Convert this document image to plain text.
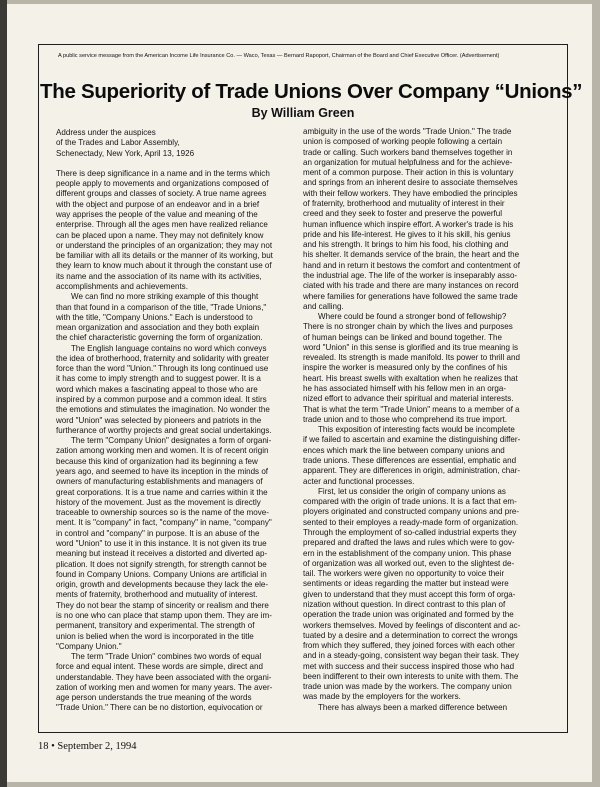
A public service message from the American Income Life Insurance Co. — Waco, Texas — Bernard Rapoport, Chairman of the Board and Chief Executive Officer. (Advertisement)
The Superiority of Trade Unions Over Company “Unions”
By William Green

Address under the auspices

of the Trades and Labor Assembly,

Schenectady, New York, April 13, 1926

There is deep significance in a name and in the terms which

people apply to movements and organizations composed of

different groups and classes of society. A true name agrees

with the object and purpose of an endeavor and in a brief

way apprises the people of the value and meaning of the

enterprise. Through all the ages men have realized reliance

can be placed upon a name. They may not definitely know

or understand the principles of an organization; they may not

be familiar with all its details or the manner of its working, but

they learn to know much about it through the constant use of

its name and the association of its name with its activities,

accomplishments and achievements.

We can find no more striking example of this thought

than that found in a comparison of the title, "Trade Unions,"

with the title, "Company Unions." Each is understood to

mean organization and association and they both explain

the chief characteristic governing the form of organization.

The English language contains no word which conveys

the idea of brotherhood, fraternity and solidarity with greater

force than the word "Union." Through its long continued use

it has come to imply strength and to suggest power. It is a

word which makes a fascinating appeal to those who are

inspired by a common purpose and a common ideal. It stirs

the emotions and stimulates the imagination. No wonder the

word "Union" was selected by pioneers and patriots in the

furtherance of worthy projects and great social undertakings.

The term "Company Union" designates a form of organi-

zation among working men and women. It is of recent origin

because this kind of organization had its beginning a few

years ago, and seemed to have its inception in the minds of

owners of manufacturing establishments and managers of

great corporations. It is a true name and carries within it the

history of the movement. Just as the movement is directly

traceable to ownership sources so is the name of the move-

ment. It is "company" in fact, "company" in name, "company"

in control and "company" in purpose. It is an abuse of the

word "Union" to use it in this instance. It is not given its true

meaning but instead it receives a distorted and diverted ap-

plication. It does not signify strength, for strength cannot be

found in Company Unions. Company Unions are artificial in

origin, growth and developments because they lack the ele-

ments of fraternity, brotherhood and mutuality of interest.

They do not bear the stamp of sincerity or realism and there

is no one who can place that stamp upon them. They are im-

permanent, transitory and experimental. The strength of

union is belied when the word is incorporated in the title

"Company Union."

The term "Trade Union" combines two words of equal

force and equal intent. These words are simple, direct and

understandable. They have been associated with the organi-

zation of working men and women for many years. The aver-

age person understands the true meaning of the words

"Trade Union." There can be no distortion, equivocation or

ambiguity in the use of the words "Trade Union." The trade

union is composed of working people following a certain

trade or calling. Such workers band themselves together in

an organization for mutual helpfulness and for the achieve-

ment of a common purpose. Their action in this is voluntary

and springs from an inherent desire to associate themselves

with their fellow workers. They have embodied the principles

of fraternity, brotherhood and mutuality of interest in their

creed and they seek to foster and preserve the powerful

human influence which inspire effort. A worker's trade is his

pride and his life-interest. He gives to it his skill, his genius

and his strength. It brings to him his food, his clothing and

his shelter. It demands service of the brain, the heart and the

hand and in return it bestows the comfort and contentment of

the industrial age. The life of the worker is inseparably asso-

ciated with his trade and there are many instances on record

where families for generations have followed the same trade

and calling.

Where could be found a stronger bond of fellowship?

There is no stronger chain by which the lives and purposes

of human beings can be linked and bound together. The

word "Union" in this sense is glorified and its true meaning is

revealed. Its strength is made manifold. Its power to thrill and

inspire the worker is measured only by the confines of his

heart. His breast swells with exaltation when he realizes that

he has associated himself with his fellow men in an orga-

nized effort to advance their spiritual and material interests.

That is what the term "Trade Union" means to a member of a

trade union and to those who comprehend its true import.

This exposition of interesting facts would be incomplete

if we failed to ascertain and examine the distinguishing differ-

ences which mark the line between company unions and

trade unions. These differences are essential, emphatic and

apparent. They are differences in origin, administration, char-

acter and functional processes.

First, let us consider the origin of company unions as

compared with the origin of trade unions. It is a fact that em-

ployers originated and constructed company unions and pre-

sented to their employes a ready-made form of organization.

Through the employment of so-called industrial experts they

prepared and drafted the laws and rules which were to gov-

ern in the establishment of the company union. This phase

of organization was all worked out, even to the slightest de-

tail. The workers were given no opportunity to voice their

sentiments or ideas regarding the matter but instead were

given to understand that they must accept this form of orga-

nization without question. In direct contrast to this plan of

operation the trade union was originated and formed by the

workers themselves. Moved by feelings of discontent and ac-

tuated by a desire and a determination to correct the wrongs

from which they suffered, they joined forces with each other

and in a steady-going, consistent way began their task. They

met with success and their success inspired those who had

been indifferent to their own interests to unite with them. The

trade union was made by the workers. The company union

was made by the employers for the workers.

There has always been a marked difference between

18 • September 2, 1994
